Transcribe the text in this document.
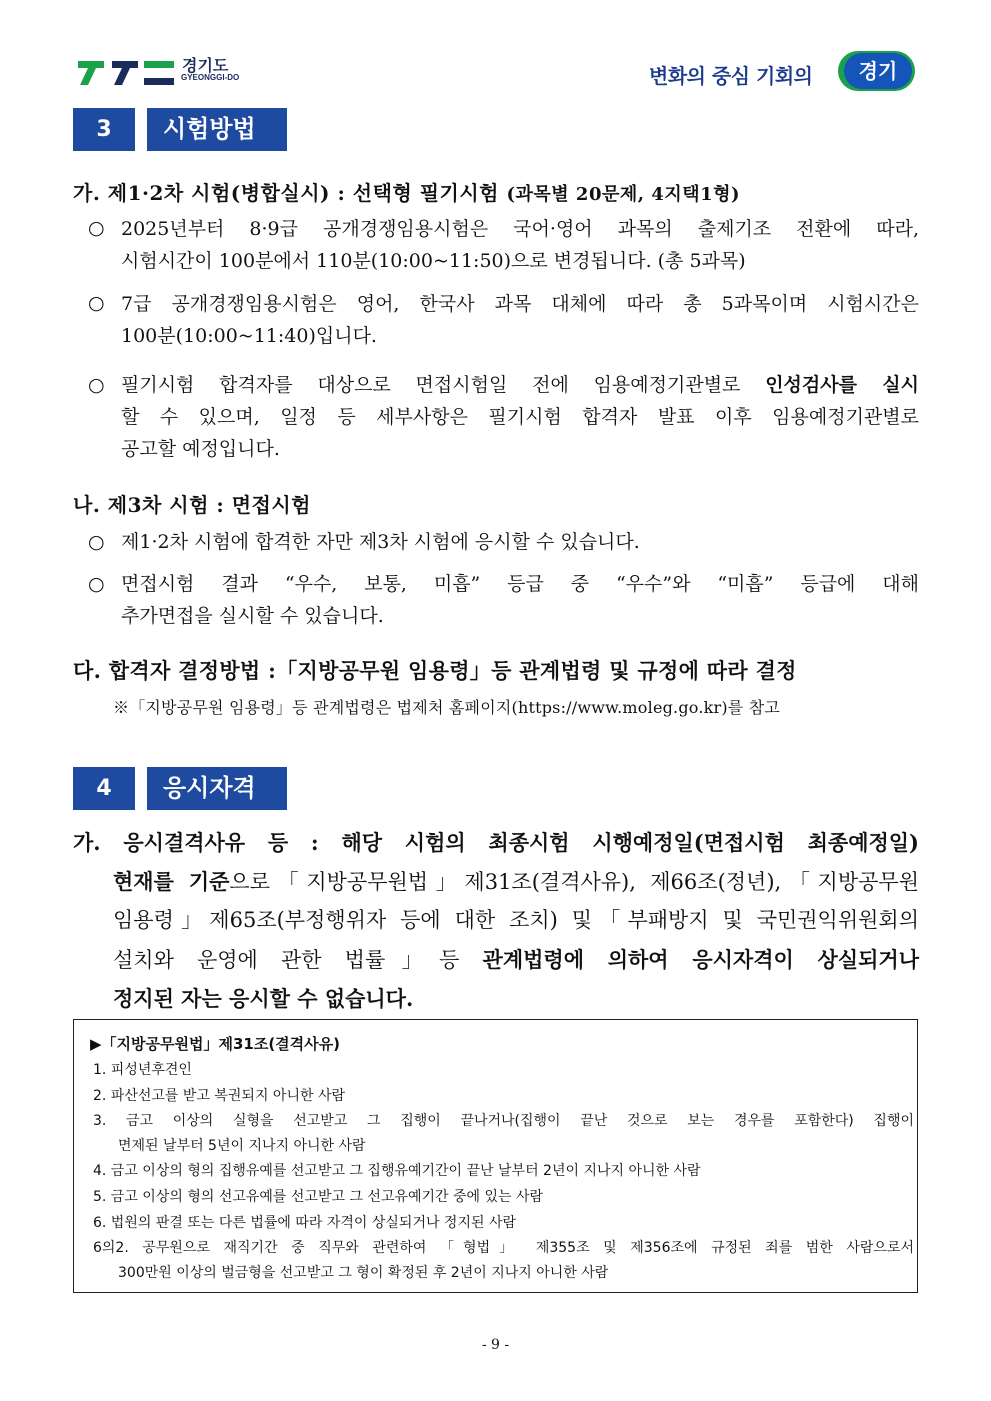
경기도
GYEONGGI-DO	변화의 중심 기회의	경기
3	시험방법
가. 제1·2차 시험(병합실시) : 선택형 필기시험 (과목별 20문제, 4지택1형)
○ 2025년부터 8·9급 공개경쟁임용시험은 국어·영어 과목의 출제기조 전환에 따라,
시험시간이 100분에서 110분(10:00~11:50)으로 변경됩니다. (총 5과목)
○ 7급 공개경쟁임용시험은 영어, 한국사 과목 대체에 따라 총 5과목이며 시험시간은
100분(10:00~11:40)입니다.
○ 필기시험 합격자를 대상으로 면접시험일 전에 임용예정기관별로 인성검사를 실시
할 수 있으며, 일정 등 세부사항은 필기시험 합격자 발표 이후 임용예정기관별로
공고할 예정입니다.
나. 제3차 시험 : 면접시험
○ 제1·2차 시험에 합격한 자만 제3차 시험에 응시할 수 있습니다.
○ 면접시험 결과 “우수, 보통, 미흡” 등급 중 “우수”와 “미흡” 등급에 대해
추가면접을 실시할 수 있습니다.
다. 합격자 결정방법 :「지방공무원 임용령」등 관계법령 및 규정에 따라 결정
※「지방공무원 임용령」등 관계법령은 법제처 홈페이지(https://www.moleg.go.kr)를 참고
4	응시자격
가. 응시결격사유 등 : 해당 시험의 최종시험 시행예정일(면접시험 최종예정일)
현재를 기준으로「지방공무원법」제31조(결격사유), 제66조(정년),「지방공무원
임용령」제65조(부정행위자 등에 대한 조치) 및「부패방지 및 국민권익위원회의
설치와 운영에 관한 법률」등 관계법령에 의하여 응시자격이 상실되거나
정지된 자는 응시할 수 없습니다.
▶「지방공무원법」제31조(결격사유)
1. 피성년후견인
2. 파산선고를 받고 복권되지 아니한 사람
3. 금고 이상의 실형을 선고받고 그 집행이 끝나거나(집행이 끝난 것으로 보는 경우를 포함한다) 집행이
면제된 날부터 5년이 지나지 아니한 사람
4. 금고 이상의 형의 집행유예를 선고받고 그 집행유예기간이 끝난 날부터 2년이 지나지 아니한 사람
5. 금고 이상의 형의 선고유예를 선고받고 그 선고유예기간 중에 있는 사람
6. 법원의 판결 또는 다른 법률에 따라 자격이 상실되거나 정지된 사람
6의2. 공무원으로 재직기간 중 직무와 관련하여 「형법」 제355조 및 제356조에 규정된 죄를 범한 사람으로서
300만원 이상의 벌금형을 선고받고 그 형이 확정된 후 2년이 지나지 아니한 사람
- 9 -
